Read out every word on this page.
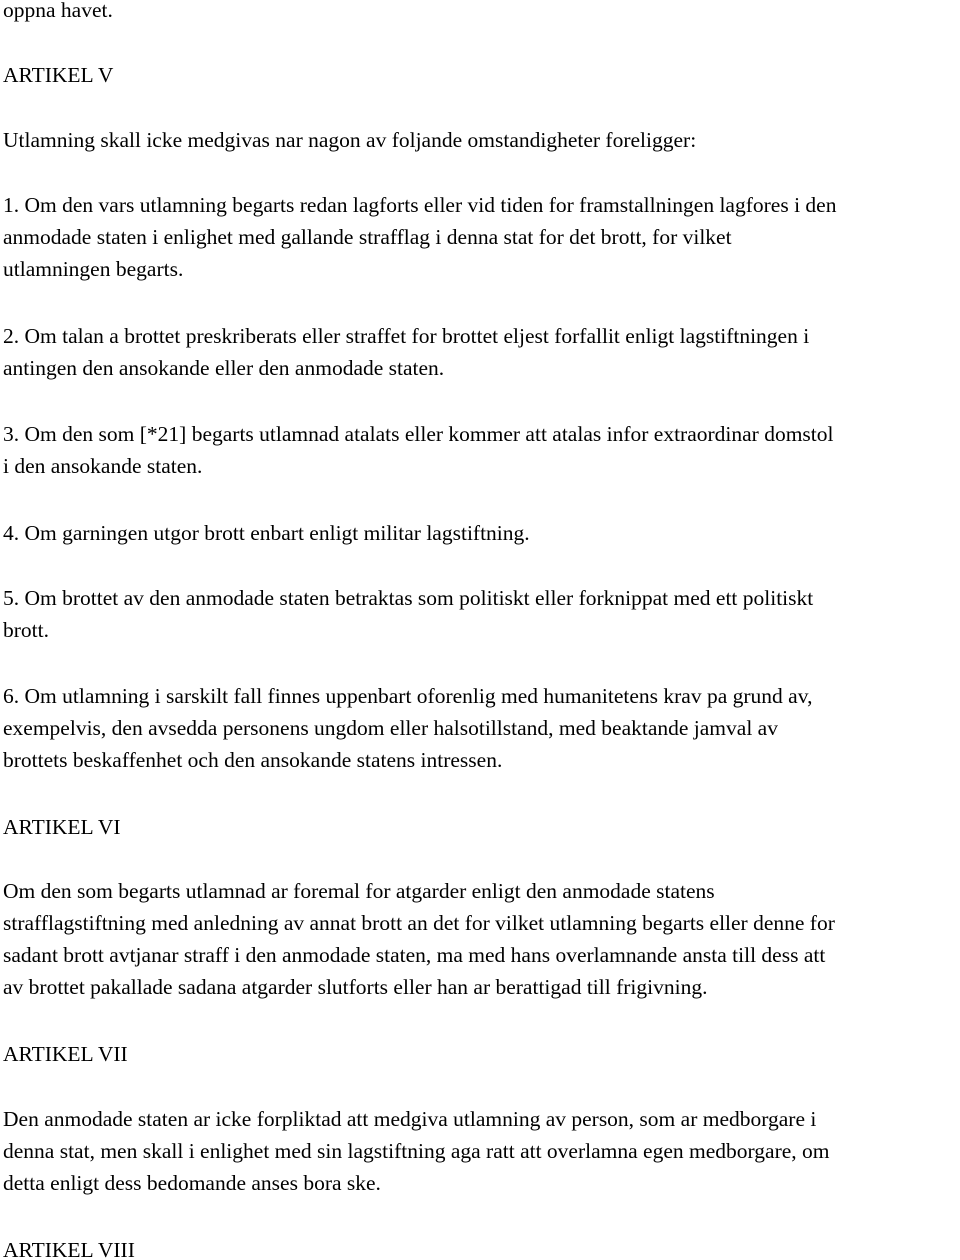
oppna havet.

ARTIKEL V

Utlamning skall icke medgivas nar nagon av foljande omstandigheter foreligger:

1. Om den vars utlamning begarts redan lagforts eller vid tiden for framstallningen lagfores i den
anmodade staten i enlighet med gallande strafflag i denna stat for det brott, for vilket
utlamningen begarts.

2. Om talan a brottet preskriberats eller straffet for brottet eljest forfallit enligt lagstiftningen i
antingen den ansokande eller den anmodade staten.

3. Om den som [*21] begarts utlamnad atalats eller kommer att atalas infor extraordinar domstol
i den ansokande staten.

4. Om garningen utgor brott enbart enligt militar lagstiftning.

5. Om brottet av den anmodade staten betraktas som politiskt eller forknippat med ett politiskt
brott.

6. Om utlamning i sarskilt fall finnes uppenbart oforenlig med humanitetens krav pa grund av,
exempelvis, den avsedda personens ungdom eller halsotillstand, med beaktande jamval av
brottets beskaffenhet och den ansokande statens intressen.

ARTIKEL VI

Om den som begarts utlamnad ar foremal for atgarder enligt den anmodade statens
strafflagstiftning med anledning av annat brott an det for vilket utlamning begarts eller denne for
sadant brott avtjanar straff i den anmodade staten, ma med hans overlamnande ansta till dess att
av brottet pakallade sadana atgarder slutforts eller han ar berattigad till frigivning.

ARTIKEL VII

Den anmodade staten ar icke forpliktad att medgiva utlamning av person, som ar medborgare i
denna stat, men skall i enlighet med sin lagstiftning aga ratt att overlamna egen medborgare, om
detta enligt dess bedomande anses bora ske.

ARTIKEL VIII
